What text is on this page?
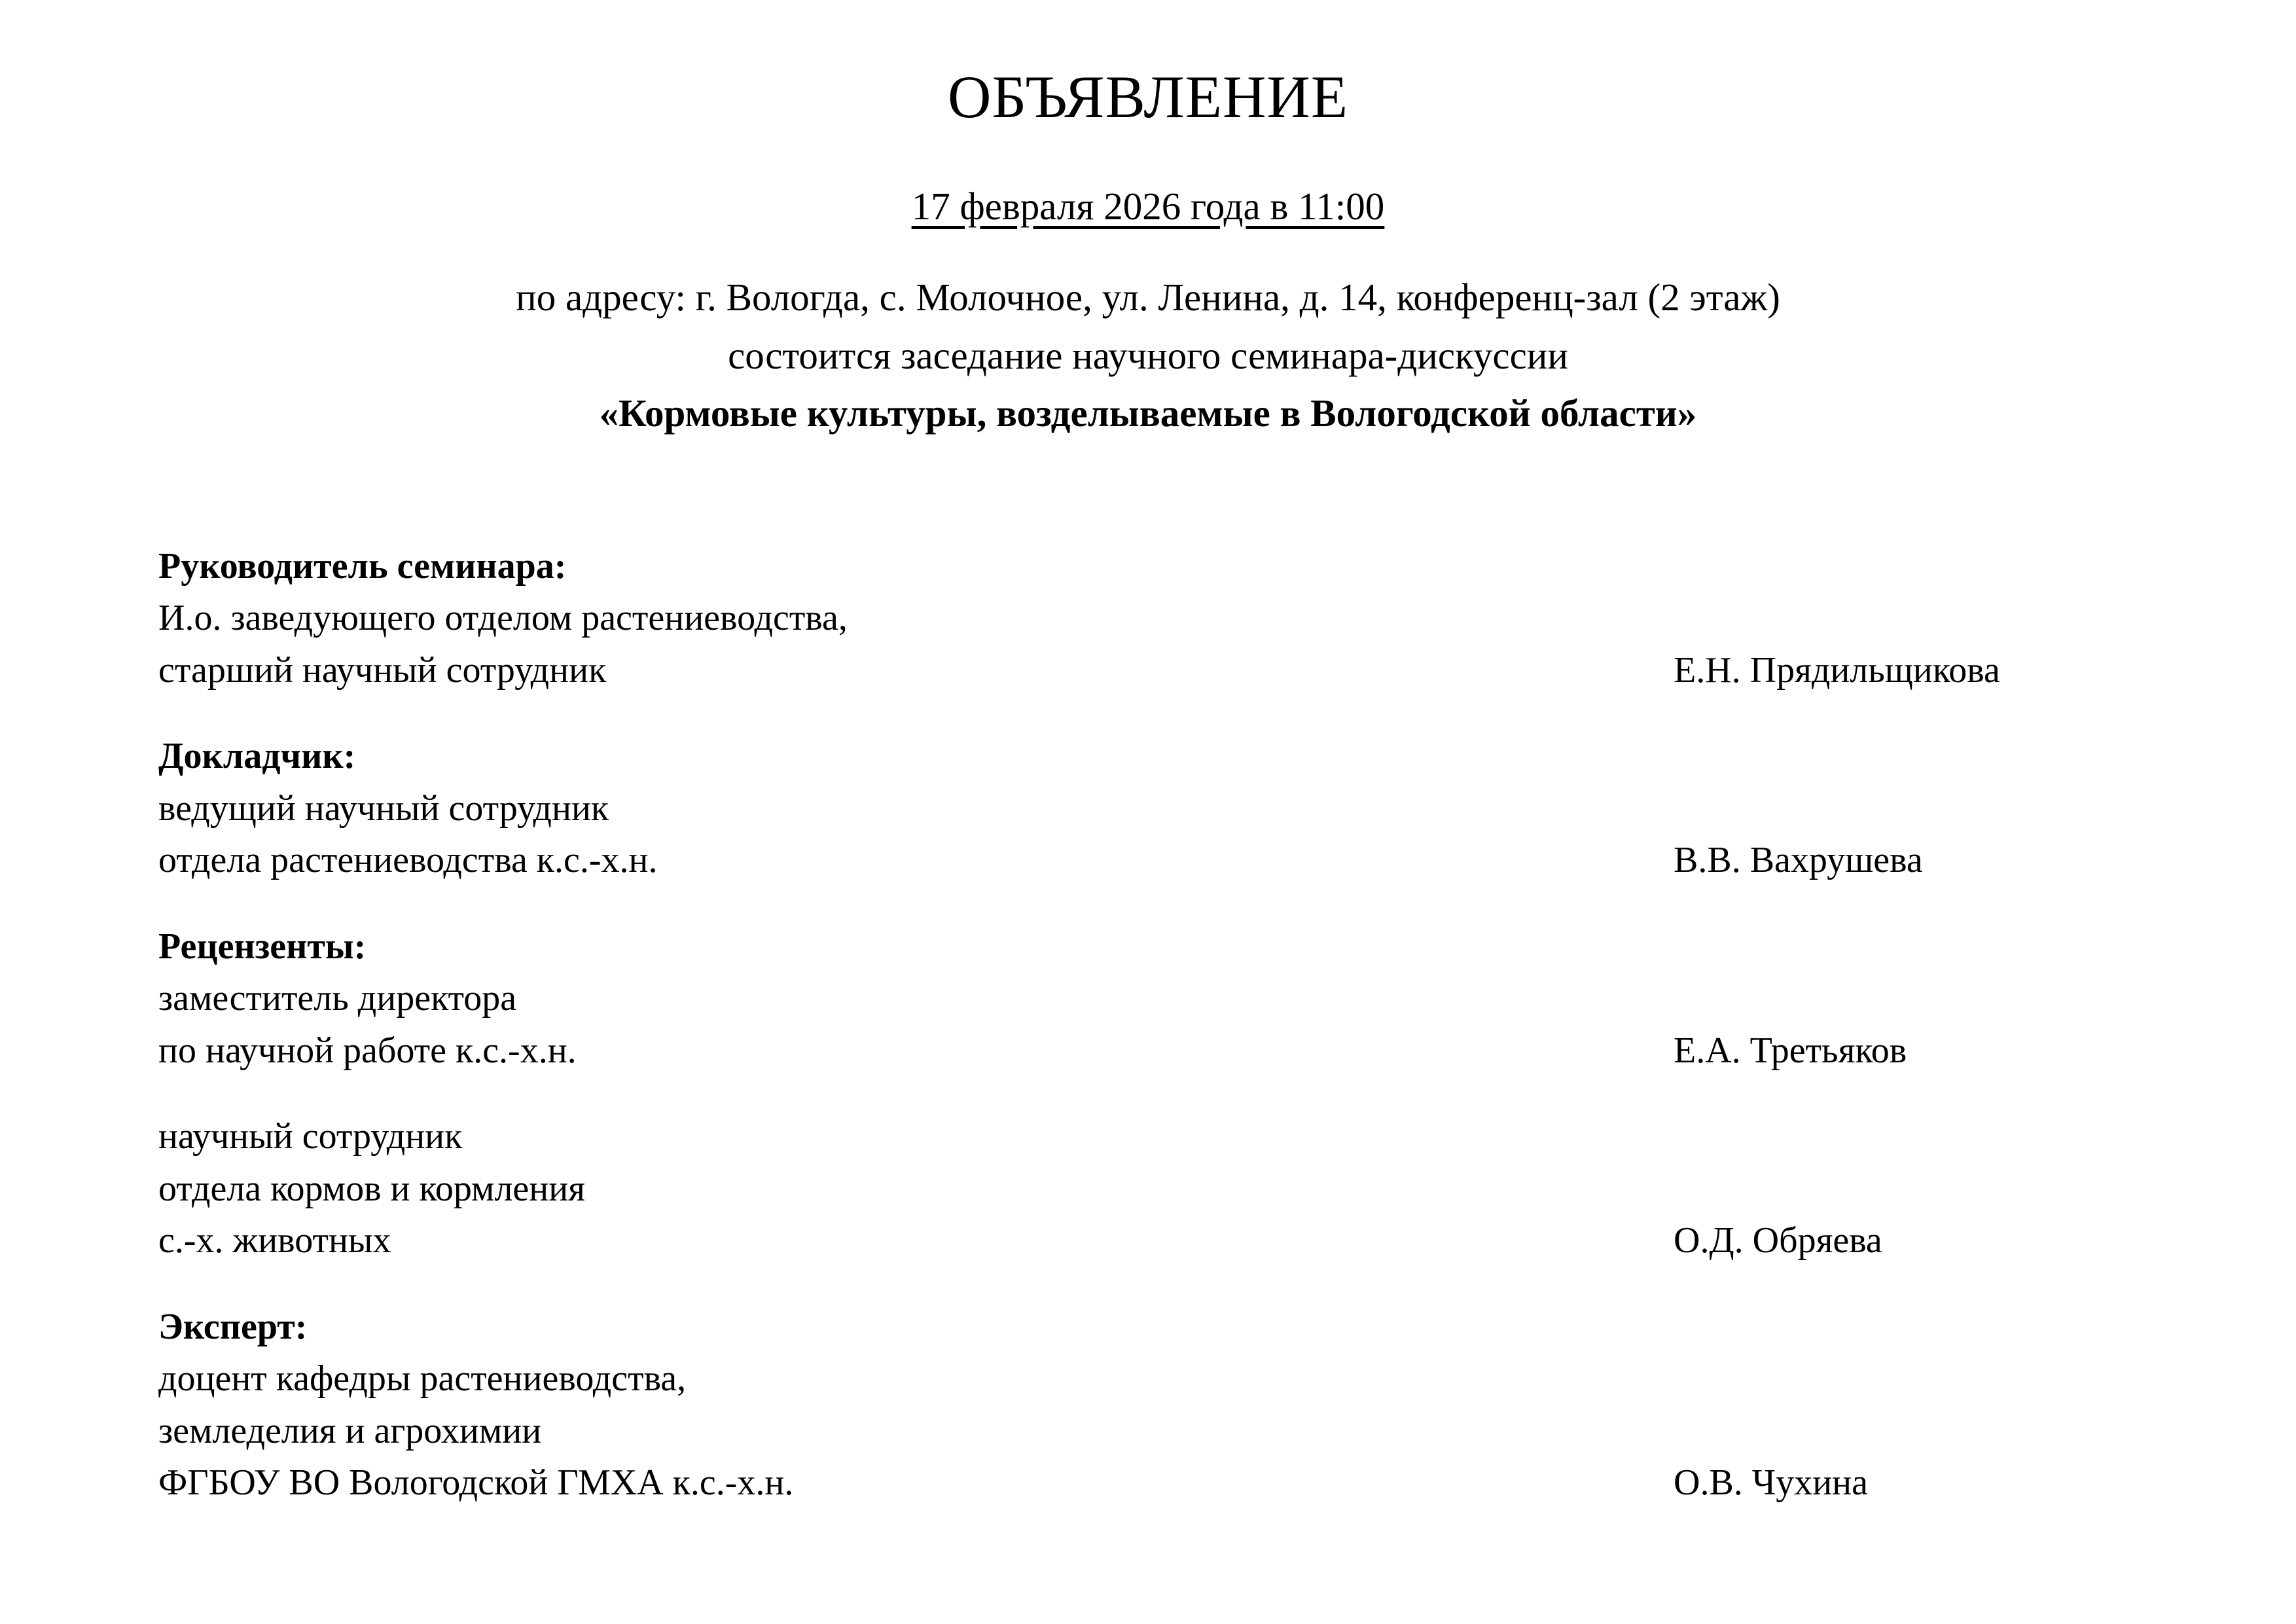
ОБЪЯВЛЕНИЕ
17 февраля 2026 года в 11:00
по адресу: г. Вологда, с. Молочное, ул. Ленина, д. 14, конференц-зал (2 этаж)
состоится заседание научного семинара-дискуссии
«Кормовые культуры, возделываемые в Вологодской области»
Руководитель семинара:
И.о. заведующего отделом растениеводства,
старший научный сотрудник	Е.Н. Прядильщикова
Докладчик:
ведущий научный сотрудник
отдела растениеводства к.с.-х.н.	В.В. Вахрушева
Рецензенты:
заместитель директора
по научной работе к.с.-х.н.	Е.А. Третьяков
научный сотрудник
отдела кормов и кормления
с.-х. животных	О.Д. Обряева
Эксперт:
доцент кафедры растениеводства,
земледелия и агрохимии
ФГБОУ ВО Вологодской ГМХА к.с.-х.н.	О.В. Чухина
